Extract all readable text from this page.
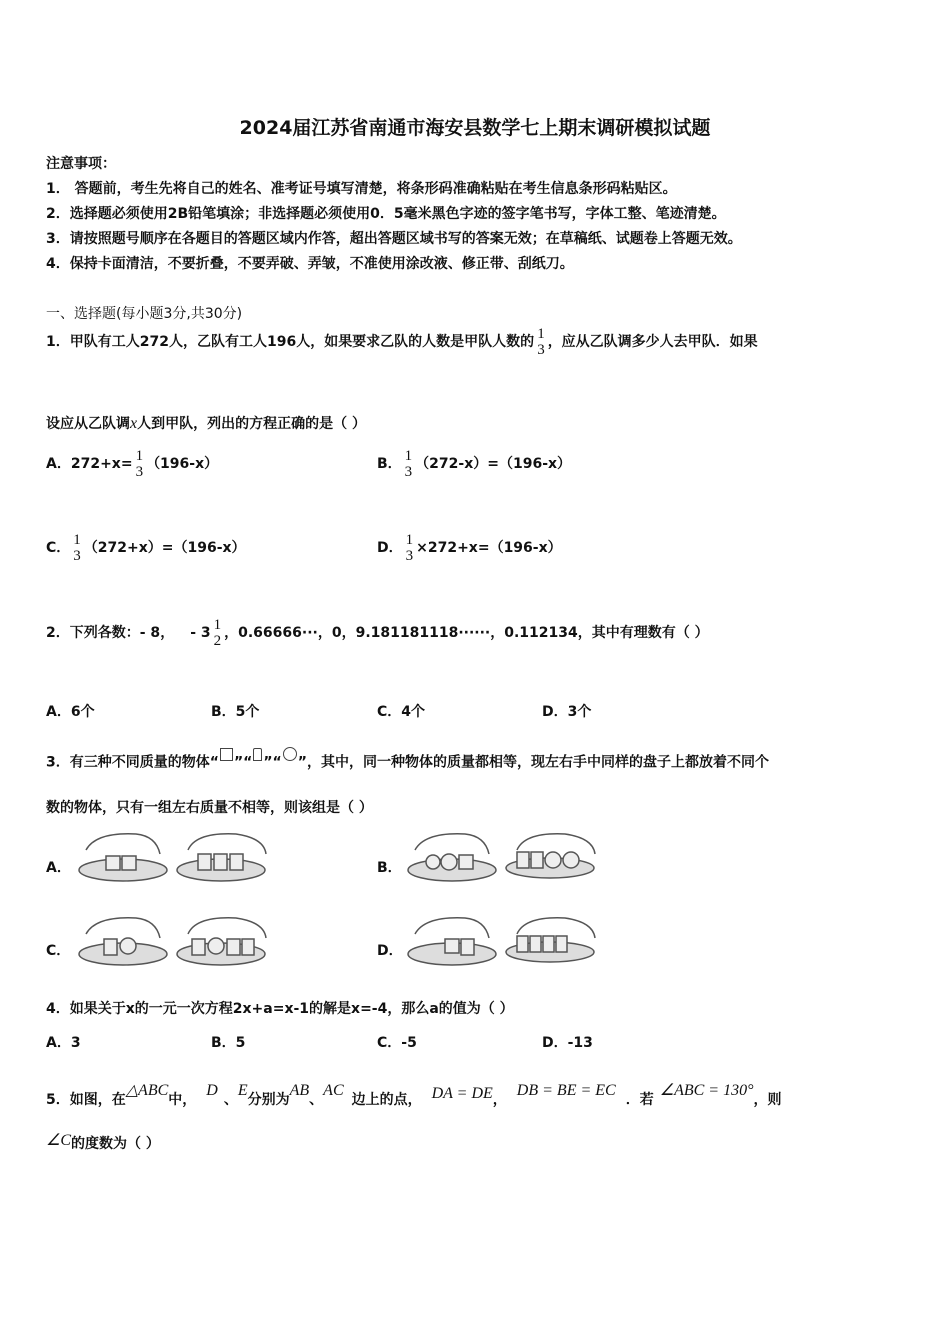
2024届江苏省南通市海安县数学七上期末调研模拟试题
注意事项：
1． 答题前，考生先将自己的姓名、准考证号填写清楚，将条形码准确粘贴在考生信息条形码粘贴区。
2．选择题必须使用2B铅笔填涂；非选择题必须使用0．5毫米黑色字迹的签字笔书写，字体工整、笔迹清楚。
3．请按照题号顺序在各题目的答题区域内作答，超出答题区域书写的答案无效；在草稿纸、试题卷上答题无效。
4．保持卡面清洁，不要折叠，不要弄破、弄皱，不准使用涂改液、修正带、刮纸刀。
一、选择题(每小题3分,共30分)
1．甲队有工人272人，乙队有工人196人，如果要求乙队的人数是甲队人数的 1
3 ，应从乙队调多少人去甲队．如果
设应从乙队调x人到甲队，列出的方程正确的是（ ）
A．272+x= 1
3 （196-x）	B． 1
3 （272-x）=（196-x）
C． 1
3 （272+x）=（196-x）	D． 1
3 ×272+x=（196-x）
2．下列各数：- 8， - 3 1
2 ，0.66666···，0，9.181181118······，0.112134，其中有理数有（ ）
A．6个	B．5个	C．4个	D．3个
3．有三种不同质量的物体“ ”“ ”“ ”，其中，同一种物体的质量都相等，现左右手中同样的盘子上都放着不同个
数的物体，只有一组左右质量不相等，则该组是（ ）
A．	B．
C．	D．
4．如果关于x的一元一次方程2x+a=x-1的解是x=-4，那么a的值为（ ）
A．3	B．5	C．-5	D．-13
5．如图，在△ABC中，D、E分别为AB、AC边上的点， DA = DE，DB = BE = EC．若∠ABC = 130°，则
∠C的度数为（ ）
